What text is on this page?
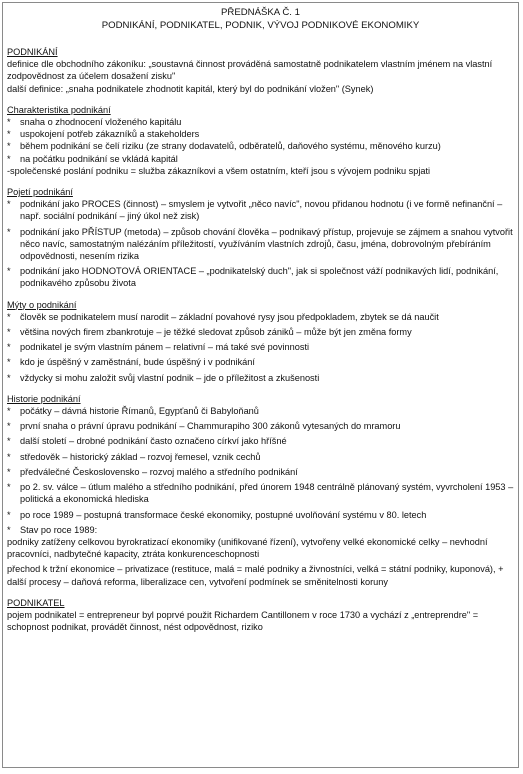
PŘEDNÁŠKA Č. 1
PODNIKÁNÍ, PODNIKATEL, PODNIK, VÝVOJ PODNIKOVÉ EKONOMIKY
PODNIKÁNÍ
definice dle obchodního zákoníku: „soustavná činnost prováděná samostatně podnikatelem vlastním jménem na vlastní zodpovědnost za účelem dosažení zisku"
další definice: „snaha podnikatele zhodnotit kapitál, který byl do podnikání vložen" (Synek)
Charakteristika podnikání
* snaha o zhodnocení vloženého kapitálu
* uspokojení potřeb zákazníků a stakeholders
* během podnikání se čelí riziku (ze strany dodavatelů, odběratelů, daňového systému, měnového kurzu)
* na počátku podnikání se vkládá kapitál
-společenské poslání podniku = služba zákazníkovi a všem ostatním, kteří jsou s vývojem podniku spjati
Pojetí podnikání
* podnikání jako PROCES (činnost) – smyslem je vytvořit „něco navíc", novou přidanou hodnotu (i ve formě nefinanční – např. sociální podnikání – jiný úkol než zisk)
* podnikání jako PŘÍSTUP (metoda) – způsob chování člověka – podnikavý přístup, projevuje se zájmem a snahou vytvořit něco navíc, samostatným nalézáním příležitostí, využíváním vlastních zdrojů, času, jména, dobrovolným přebíráním odpovědnosti, nesením rizika
* podnikání jako HODNOTOVÁ ORIENTACE – „podnikatelský duch", jak si společnost váží podnikavých lidí, podnikání, podnikavého způsobu života
Mýty o podnikání
* člověk se podnikatelem musí narodit – základní povahové rysy jsou předpokladem, zbytek se dá naučit
* většina nových firem zbankrotuje – je těžké sledovat způsob zániků – může být jen změna formy
* podnikatel je svým vlastním pánem – relativní – má také své povinnosti
* kdo je úspěšný v zaměstnání, bude úspěšný i v podnikání
* vždycky si mohu založit svůj vlastní podnik – jde o příležitost a zkušenosti
Historie podnikání
* počátky – dávná historie Římanů, Egypťanů či Babyloňanů
* první snaha o právní úpravu podnikání – Chammurapiho 300 zákonů vytesaných do mramoru
* další století – drobné podnikání často označeno církví jako hříšné
* středověk – historický základ – rozvoj řemesel, vznik cechů
* předválečné Československo – rozvoj malého a středního podnikání
* po 2. sv. válce – útlum malého a středního podnikání, před únorem 1948 centrálně plánovaný systém, vyvrcholení 1953 – politická a ekonomická hlediska
* po roce 1989 – postupná transformace české ekonomiky, postupné uvolňování systému v 80. letech
* Stav po roce 1989:
podniky zatíženy celkovou byrokratizací ekonomiky (unifikované řízení), vytvořeny velké ekonomické celky – nevhodní pracovníci, nadbytečné kapacity, ztráta konkurenceschopnosti
přechod k tržní ekonomice – privatizace (restituce, malá = malé podniky a živnostníci, velká = státní podniky, kuponová), + další procesy – daňová reforma, liberalizace cen, vytvoření podmínek se směnitelnosti koruny
PODNIKATEL
pojem podnikatel = entrepreneur byl poprvé použit Richardem Cantillonem v roce 1730 a vychází z „entreprendre" = schopnost podnikat, provádět činnost, nést odpovědnost, riziko
